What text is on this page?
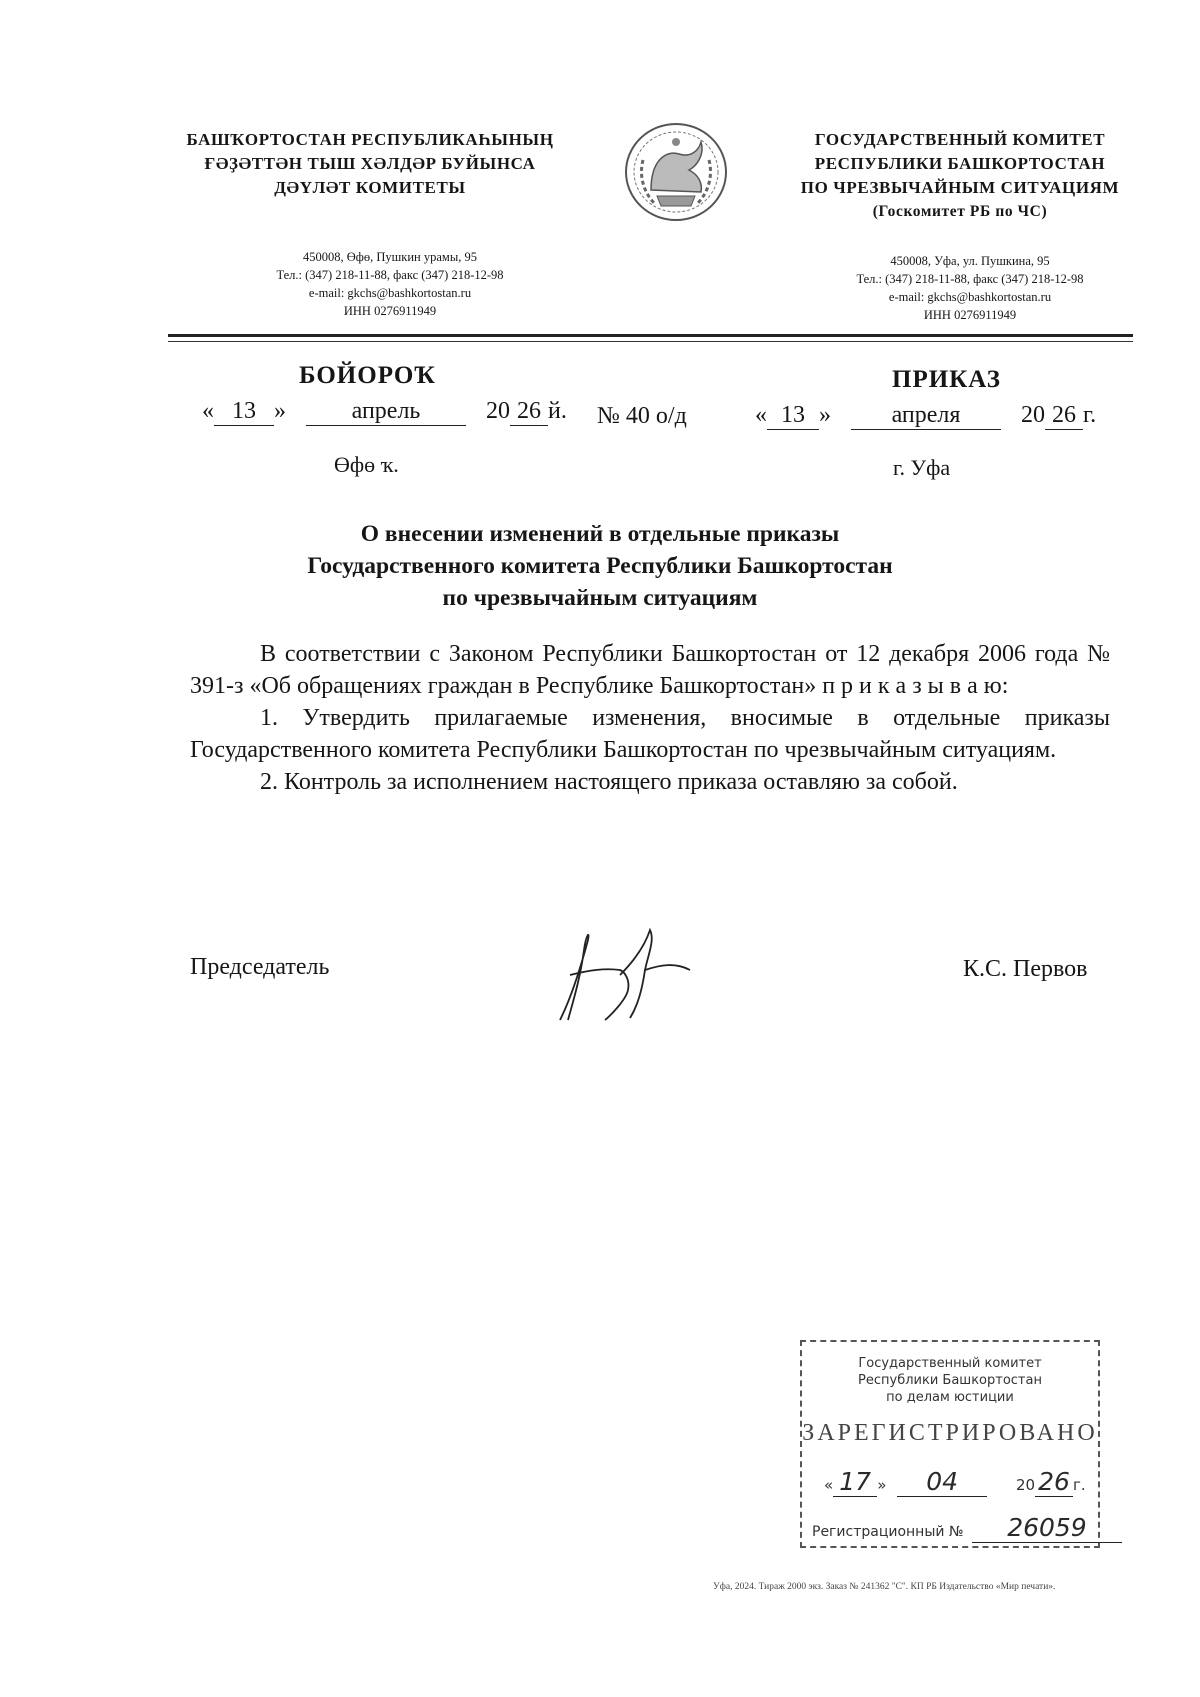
БАШҠОРТОСТАН РЕСПУБЛИКАҺЫНЫҢ
ҒӘҘӘТТӘН ТЫШ ХӘЛДӘР БУЙЫНСА
ДӘҮЛӘТ КОМИТЕТЫ
450008, Өфө, Пушкин урамы, 95
Тел.: (347) 218-11-88, факс (347) 218-12-98
e-mail: gkchs@bashkortostan.ru
ИНН 0276911949
ГОСУДАРСТВЕННЫЙ КОМИТЕТ
РЕСПУБЛИКИ БАШКОРТОСТАН
ПО ЧРЕЗВЫЧАЙНЫМ СИТУАЦИЯМ
(Госкомитет РБ по ЧС)
450008, Уфа, ул. Пушкина, 95
Тел.: (347) 218-11-88, факс (347) 218-12-98
e-mail: gkchs@bashkortostan.ru
ИНН 0276911949
БОЙОРОҠ	ПРИКАЗ
« 13 »	апрель	20 26 й. № 40 о/д	« 13 »	апреля	20 26 г.
Өфө ҡ.	г. Уфа
О внесении изменений в отдельные приказы
Государственного комитета Республики Башкортостан
по чрезвычайным ситуациям
В соответствии с Законом Республики Башкортостан от 12 декабря 2006 года № 391-з «Об обращениях граждан в Республике Башкортостан» п р и к а з ы в а ю:
1. Утвердить прилагаемые изменения, вносимые в отдельные приказы Государственного комитета Республики Башкортостан по чрезвычайным ситуациям.
2. Контроль за исполнением настоящего приказа оставляю за собой.
Председатель	К.С. Первов
Государственный комитет
Республики Башкортостан
по делам юстиции
ЗАРЕГИСТРИРОВАНО
« 17 » 04	20 26 г.
Регистрационный № 26059
Уфа, 2024. Тираж 2000 экз. Заказ № 241362 "С". КП РБ Издательство «Мир печати».
